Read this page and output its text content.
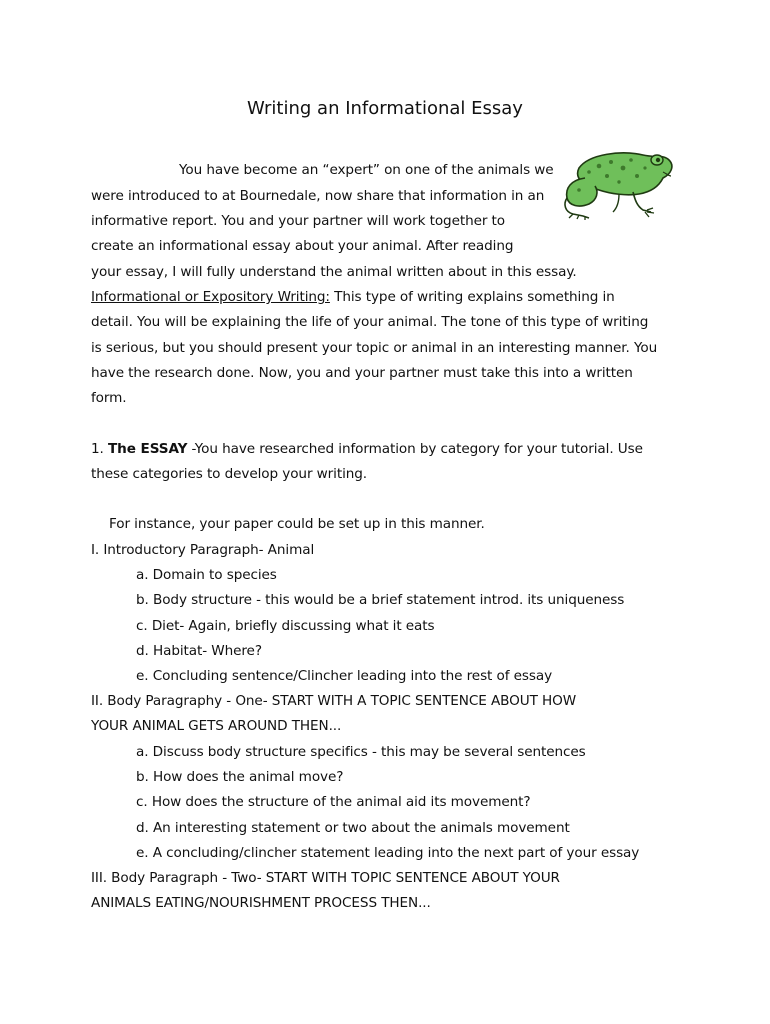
Writing an Informational Essay
You have become an “expert” on one of the animals we
were introduced to at Bournedale, now share that information in an
informative report. You and your partner will work together to
create an informational essay about your animal. After reading
your essay, I will fully understand the animal written about in this essay.
Informational or Expository Writing: This type of writing explains something in
detail. You will be explaining the life of your animal. The tone of this type of writing
is serious, but you should present your topic or animal in an interesting manner. You
have the research done. Now, you and your partner must take this into a written
form.
1. The ESSAY -You have researched information by category for your tutorial. Use
these categories to develop your writing.
For instance, your paper could be set up in this manner.
I. Introductory Paragraph- Animal
a. Domain to species
b. Body structure - this would be a brief statement introd. its uniqueness
c. Diet- Again, briefly discussing what it eats
d. Habitat- Where?
e. Concluding sentence/Clincher leading into the rest of essay
II. Body Paragraphy - One- START WITH A TOPIC SENTENCE ABOUT HOW
YOUR ANIMAL GETS AROUND THEN...
a. Discuss body structure specifics - this may be several sentences
b. How does the animal move?
c. How does the structure of the animal aid its movement?
d. An interesting statement or two about the animals movement
e. A concluding/clincher statement leading into the next part of your essay
III. Body Paragraph - Two- START WITH TOPIC SENTENCE ABOUT YOUR
ANIMALS EATING/NOURISHMENT PROCESS THEN...
